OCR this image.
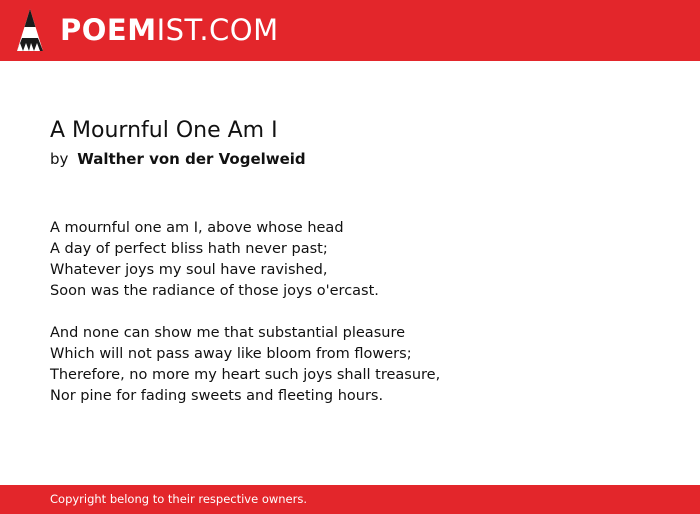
POEMIST.COM
A Mournful One Am I
by Walther von der Vogelweid

A mournful one am I, above whose head
A day of perfect bliss hath never past;
Whatever joys my soul have ravished,
Soon was the radiance of those joys o'ercast.

And none can show me that substantial pleasure
Which will not pass away like bloom from flowers;
Therefore, no more my heart such joys shall treasure,
Nor pine for fading sweets and fleeting hours.

Copyright belong to their respective owners.
